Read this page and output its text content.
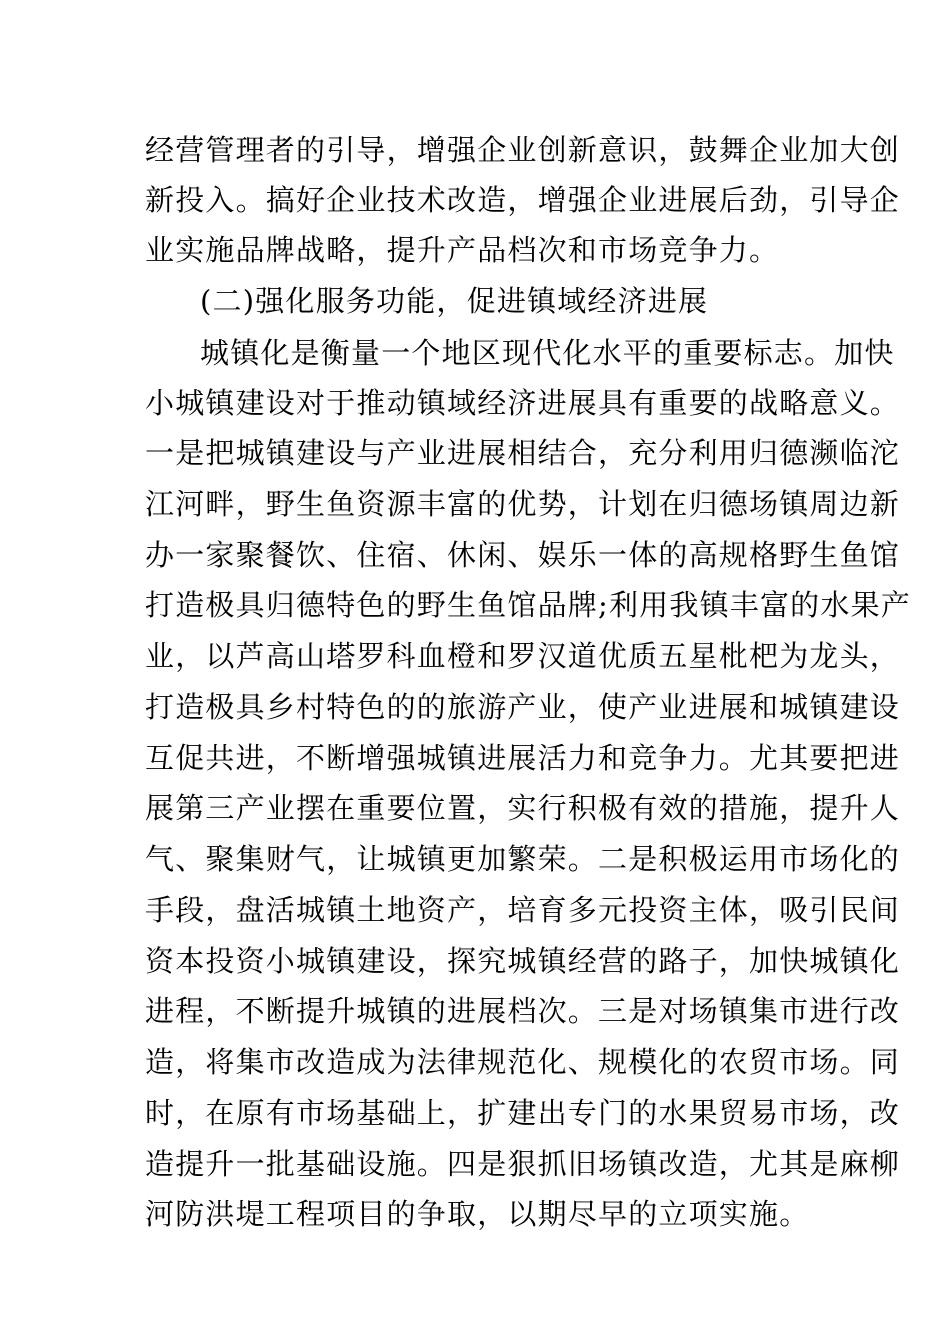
经营管理者的引导，增强企业创新意识，鼓舞企业加大创
新投入。搞好企业技术改造，增强企业进展后劲，引导企
业实施品牌战略，提升产品档次和市场竞争力。
(二)强化服务功能，促进镇域经济进展
城镇化是衡量一个地区现代化水平的重要标志。加快
小城镇建设对于推动镇域经济进展具有重要的战略意义。
一是把城镇建设与产业进展相结合，充分利用归德濒临沱
江河畔，野生鱼资源丰富的优势，计划在归德场镇周边新
办一家聚餐饮、住宿、休闲、娱乐一体的高规格野生鱼馆
打造极具归德特色的野生鱼馆品牌;利用我镇丰富的水果产
业，以芦高山塔罗科血橙和罗汉道优质五星枇杷为龙头，
打造极具乡村特色的的旅游产业，使产业进展和城镇建设
互促共进，不断增强城镇进展活力和竞争力。尤其要把进
展第三产业摆在重要位置，实行积极有效的措施，提升人
气、聚集财气，让城镇更加繁荣。二是积极运用市场化的
手段，盘活城镇土地资产，培育多元投资主体，吸引民间
资本投资小城镇建设，探究城镇经营的路子，加快城镇化
进程，不断提升城镇的进展档次。三是对场镇集市进行改
造，将集市改造成为法律规范化、规模化的农贸市场。同
时，在原有市场基础上，扩建出专门的水果贸易市场，改
造提升一批基础设施。四是狠抓旧场镇改造，尤其是麻柳
河防洪堤工程项目的争取，以期尽早的立项实施。
